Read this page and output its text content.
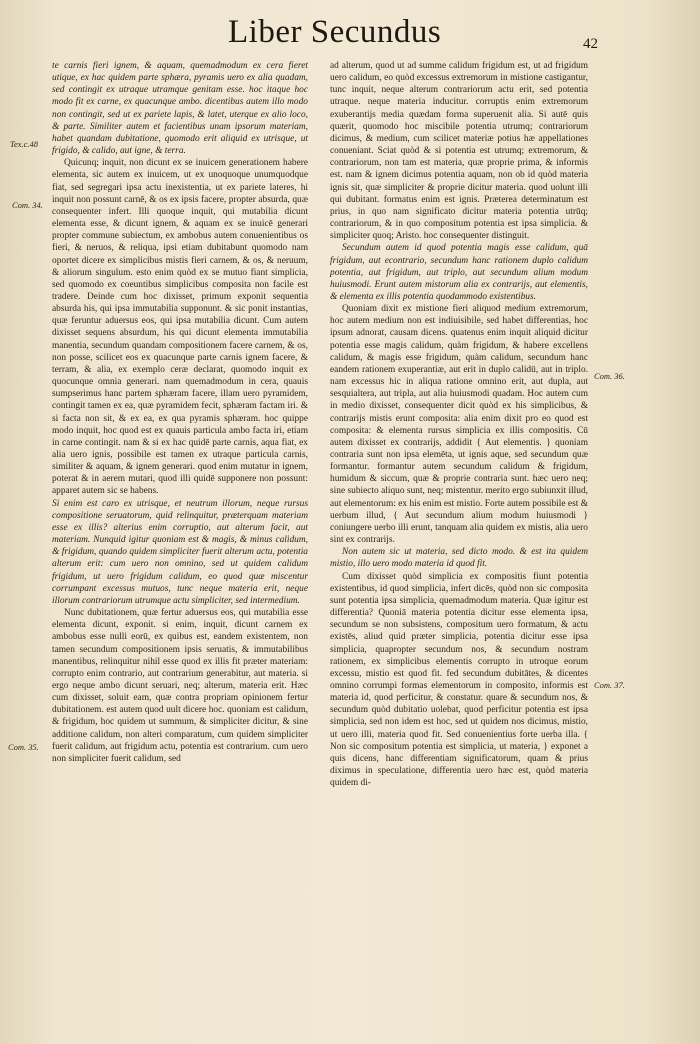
Liber Secundus	42
Tex.c.48
Com. 34.
Com. 35.
Com. 36.
Com. 37.

te carnis fieri ignem, & aquam, quemadmodum ex cera fieret utique, ex hac quidem parte sphæra, pyramis uero ex alia quadam, sed contingit ex utraque utramque genitam esse. hoc itaque hoc modo fit ex carne, ex quacunque ambo. dicentibus autem illo modo non contingit, sed ut ex pariete lapis, & latet, uterque ex alio loco, & parte. Similiter autem et facientibus unam ipsorum materiam, habet quandam dubitatione, quomodo erit aliquid ex utrisque, ut frigido, & calido, aut igne, & terra.

Quicunq; inquit, non dicunt ex se inuicem generationem habere elementa, sic autem ex inuicem, ut ex unoquoque unumquodque fiat, sed segregari ipsa actu inexistentia, ut ex pariete lateres, hi inquit non possunt carnē, & os ex ipsis facere, propter absurda, quæ consequenter infert. Illi quoque inquit, qui mutabilia dicunt elementa esse, & dicunt ignem, & aquam ex se inuicē generari propter commune subiectum, ex ambobus autem conuenientibus os fieri, & neruos, & reliqua, ipsi etiam dubitabunt quomodo nam oportet dicere ex simplicibus mistis fieri carnem, & os, & neruum, & aliorum singulum. esto enim quòd ex se mutuo fiant simplicia, sed quomodo ex coeuntibus simplicibus composita non facile est tradere. Deinde cum hoc dixisset, primum exponit sequentia absurda his, qui ipsa immutabilia supponunt. & sic ponit instantias, quæ feruntur aduersus eos, qui ipsa mutabilia dicunt. Cum autem dixisset sequens absurdum, his qui dicunt elementa immutabilia manentia, secundum quandam compositionem facere carnem, & os, non posse, scilicet eos ex quacunque parte carnis ignem facere, & terram, & alia, ex exemplo ceræ declarat, quomodo inquit ex quocunque omnia generari. nam quemadmodum in cera, quauis sumpserimus hanc partem sphæram facere, illam uero pyramidem, contingit tamen ex ea, quæ pyramidem fecit, sphæram factam iri. & si facta non sit, & ex ea, ex qua pyramis sphæram. hoc quippe modo inquit, hoc quod est ex quauis particula ambo facta iri, etiam in carne contingit. nam & si ex hac quidē parte carnis, aqua fiat, ex alia uero ignis, possibile est tamen ex utraque particula carnis, similiter & aquam, & ignem generari. quod enim mutatur in ignem, poterat & in aerem mutari, quod illi quidē supponere non possunt: apparet autem sic se habens.

Si enim est caro ex utrisque, et neutrum illorum, neque rursus compositione seruatorum, quid relinquitur, præterquam materiam esse ex illis? alterius enim corruptio, aut alterum facit, aut materiam. Nunquid igitur quoniam est & magis, & minus calidum, & frigidum, quando quidem simpliciter fuerit alterum actu, potentia alterum erit: cum uero non omnino, sed ut quidem calidum frigidum, ut uero frigidum calidum, eo quod quæ miscentur corrumpant excessus mutuos, tunc neque materia erit, neque illorum contrariorum utrumque actu simpliciter, sed intermedium.

Nunc dubitationem, quæ fertur aduersus eos, qui mutabilia esse elementa dicunt, exponit. si enim, inquit, dicunt carnem ex ambobus esse nulli eorū, ex quibus est, eandem existentem, non tamen secundum compositionem ipsis seruatis, & immutabilibus manentibus, relinquitur nihil esse quod ex illis fit præter materiam: corrupto enim contrario, aut contrarium generabitur, aut materia. si ergo neque ambo dicunt seruari, neq; alterum, materia erit. Hæc cum dixisset, soluit eam, quæ contra propriam opinionem fertur dubitationem. est autem quod uult dicere hoc. quoniam est calidum, & frigidum, hoc quidem ut summum, & simpliciter dicitur, & sine additione calidum, non alteri comparatum, cum quidem simpliciter fuerit calidum, aut frigidum actu, potentia est contrarium. cum uero non simpliciter fuerit calidum, sed

ad alterum, quod ut ad summe calidum frigidum est, ut ad frigidum uero calidum, eo quòd excessus extremorum in mistione castigantur, tunc inquit, neque alterum contrariorum actu erit, sed potentia utraque. neque materia inducitur. corruptis enim extremorum exuberantijs media quædam forma superuenit alia. Si autē quis quærit, quomodo hoc miscibile potentia utrumq; contrariorum dicimus, & medium, cum scilicet materiæ potius hæ appellationes conueniant. Sciat quòd & si potentia est utrumq; extremorum, & contrariorum, non tam est materia, quæ proprie prima, & informis est. nam & ignem dicimus potentia aquam, non ob id quòd materia ignis sit, quæ simpliciter & proprie dicitur materia. quod uolunt illi qui dubitant. formatus enim est ignis. Præterea determinatum est prius, in quo nam significato dicitur materia potentia utrūq; contrariorum, & in quo compositum potentia est ipsa simplicia. & simpliciter quoq; Aristo. hoc consequenter distinguit.

Secundum autem id quod potentia magis esse calidum, quā frigidum, aut econtrario, secundum hanc rationem duplo calidum potentia, aut frigidum, aut triplo, aut secundum alium modum huiusmodi. Erunt autem mistorum alia ex contrarijs, aut elementis, & elementa ex illis potentia quodammodo existentibus.

Quoniam dixit ex mistione fieri aliquod medium extremorum, hoc autem medium non est indiuisibile, sed habet differentias, hoc ipsum adnorat, causam dicens. quatenus enim inquit aliquid dicitur potentia esse magis calidum, quàm frigidum, & habere excellens calidum, & magis esse frigidum, quàm calidum, secundum hanc eandem rationem exuperantiæ, aut erit in duplo calidū, aut in triplo. nam excessus hic in aliqua ratione omnino erit, aut dupla, aut sesquialtera, aut tripla, aut alia huiusmodi quadam. Hoc autem cum in medio dixisset, consequenter dicit quòd ex his simplicibus, & contrarijs mistis erunt composita: alia enim dixit pro eo quod est composita: & elementa rursus simplicia ex illis compositis. Cū autem dixisset ex contrarijs, addidit { Aut elementis. } quoniam contraria sunt non ipsa elemēta, ut ignis aque, sed secundum quæ formantur. formantur autem secundum calidum & frigidum, humidum & siccum, quæ & proprie contraria sunt. hæc uero neq; sine subiecto aliquo sunt, neq; mistentur. merito ergo subiunxit illud, aut elementorum: ex his enim est mistio. Forte autem possibile est & uerbum illud, { Aut secundum alium modum huiusmodi } coniungere uerbo illi erunt, tanquam alia quidem ex mistis, alia uero sint ex contrarijs.

Non autem sic ut materia, sed dicto modo. & est ita quidem mistio, illo uero modo materia id quod fit.

Cum dixisset quòd simplicia ex compositis fiunt potentia existentibus, id quod simplicia, infert dicēs, quòd non sic composita sunt potentia ipsa simplicia, quemadmodum materia. Quæ igitur est differentia? Quoniā materia potentia dicitur esse elementa ipsa, secundum se non subsistens, compositum uero formatum, & actu existēs, aliud quid præter simplicia, potentia dicitur esse ipsa simplicia, quapropter secundum nos, & secundum nostram rationem, ex simplicibus elementis corrupto in utroque eorum excessu, mistio est quod fit. fed secundum dubitātes, & dicentes omnino corrumpi formas elementorum in composito, informis est materia id, quod perficitur, & constatur. quare & secundum nos, & secundum quòd dubitatio uolebat, quod perficitur potentia est ipsa simplicia, sed non idem est hoc, sed ut quidem nos dicimus, mistio, ut uero illi, materia quod fit. Sed conuenientius forte uerba illa. { Non sic compositum potentia est simplicia, ut materia, } exponet a quis dicens, hanc differentiam significatorum, quam & prius diximus in speculatione, differentia uero hæc est, quòd materia quidem di-
